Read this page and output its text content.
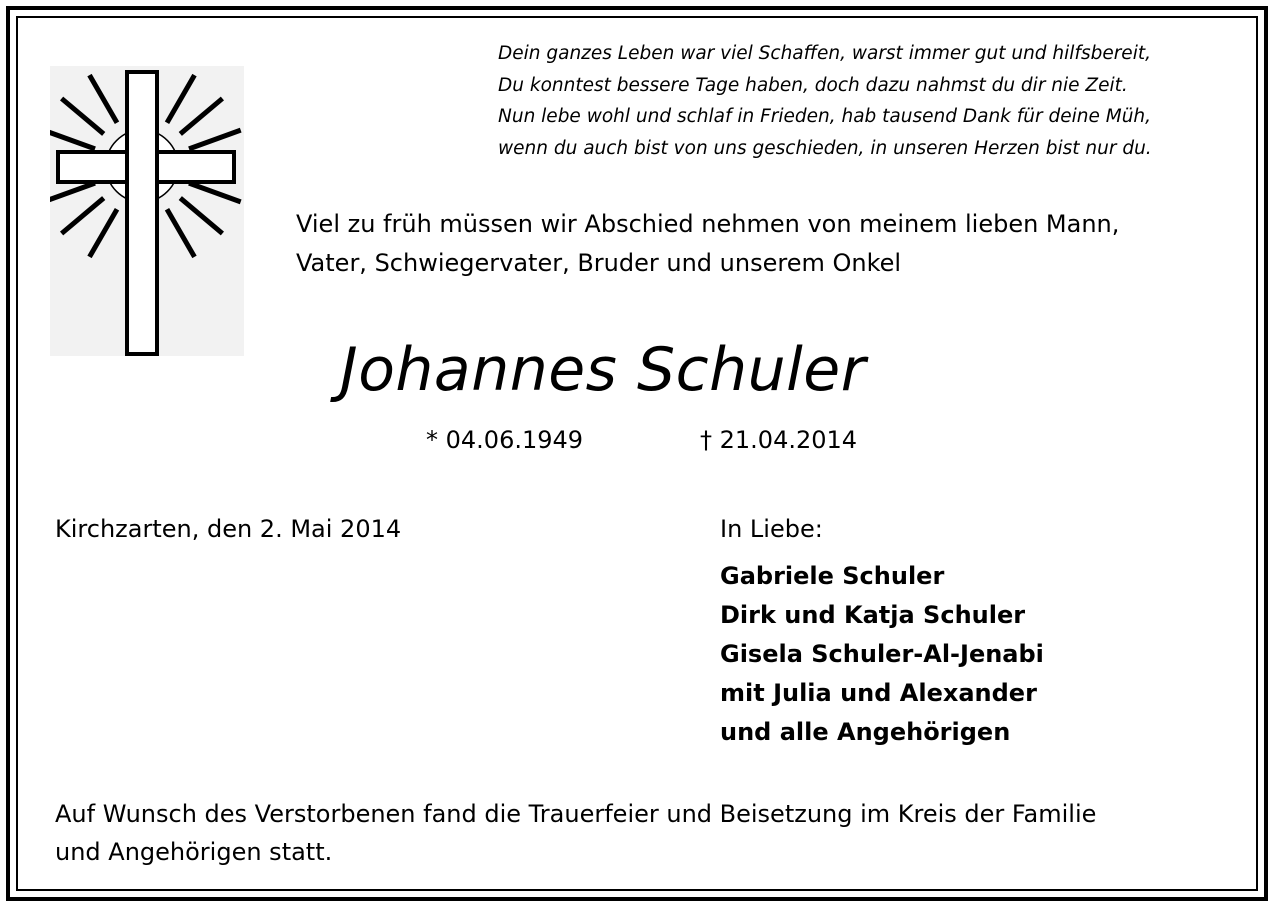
Dein ganzes Leben war viel Schaffen, warst immer gut und hilfsbereit,
Du konntest bessere Tage haben, doch dazu nahmst du dir nie Zeit.
Nun lebe wohl und schlaf in Frieden, hab tausend Dank für deine Müh,
wenn du auch bist von uns geschieden, in unseren Herzen bist nur du.
Viel zu früh müssen wir Abschied nehmen von meinem lieben Mann,
Vater, Schwiegervater, Bruder und unserem Onkel
Johannes Schuler
* 04.06.1949	† 21.04.2014
Kirchzarten, den 2. Mai 2014	In Liebe:
Gabriele Schuler
Dirk und Katja Schuler
Gisela Schuler-Al-Jenabi
mit Julia und Alexander
und alle Angehörigen
Auf Wunsch des Verstorbenen fand die Trauerfeier und Beisetzung im Kreis der Familie
und Angehörigen statt.
